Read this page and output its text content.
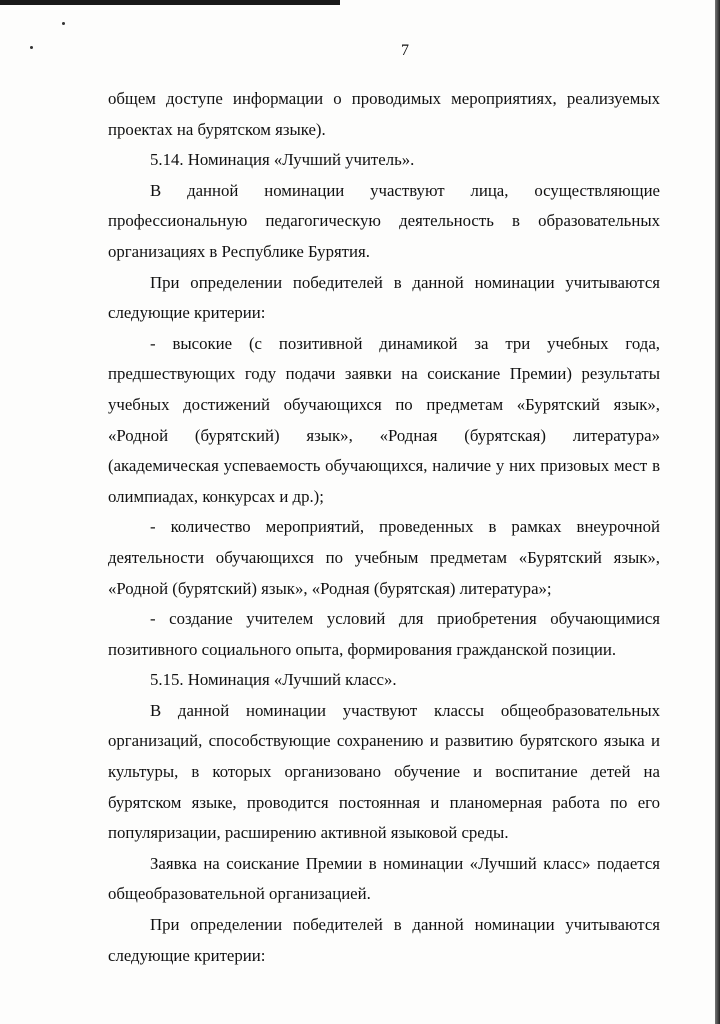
7

общем доступе информации о проводимых мероприятиях, реализуемых проектах на бурятском языке).

5.14. Номинация «Лучший учитель».

В данной номинации участвуют лица, осуществляющие профессиональную педагогическую деятельность в образовательных организациях в Республике Бурятия.

При определении победителей в данной номинации учитываются следующие критерии:

- высокие (с позитивной динамикой за три учебных года, предшествующих году подачи заявки на соискание Премии) результаты учебных достижений обучающихся по предметам «Бурятский язык», «Родной (бурятский) язык», «Родная (бурятская) литература» (академическая успеваемость обучающихся, наличие у них призовых мест в олимпиадах, конкурсах и др.);

- количество мероприятий, проведенных в рамках внеурочной деятельности обучающихся по учебным предметам «Бурятский язык», «Родной (бурятский) язык», «Родная (бурятская) литература»;

- создание учителем условий для приобретения обучающимися позитивного социального опыта, формирования гражданской позиции.

5.15. Номинация «Лучший класс».

В данной номинации участвуют классы общеобразовательных организаций, способствующие сохранению и развитию бурятского языка и культуры, в которых организовано обучение и воспитание детей на бурятском языке, проводится постоянная и планомерная работа по его популяризации, расширению активной языковой среды.

Заявка на соискание Премии в номинации «Лучший класс» подается общеобразовательной организацией.

При определении победителей в данной номинации учитываются следующие критерии:
